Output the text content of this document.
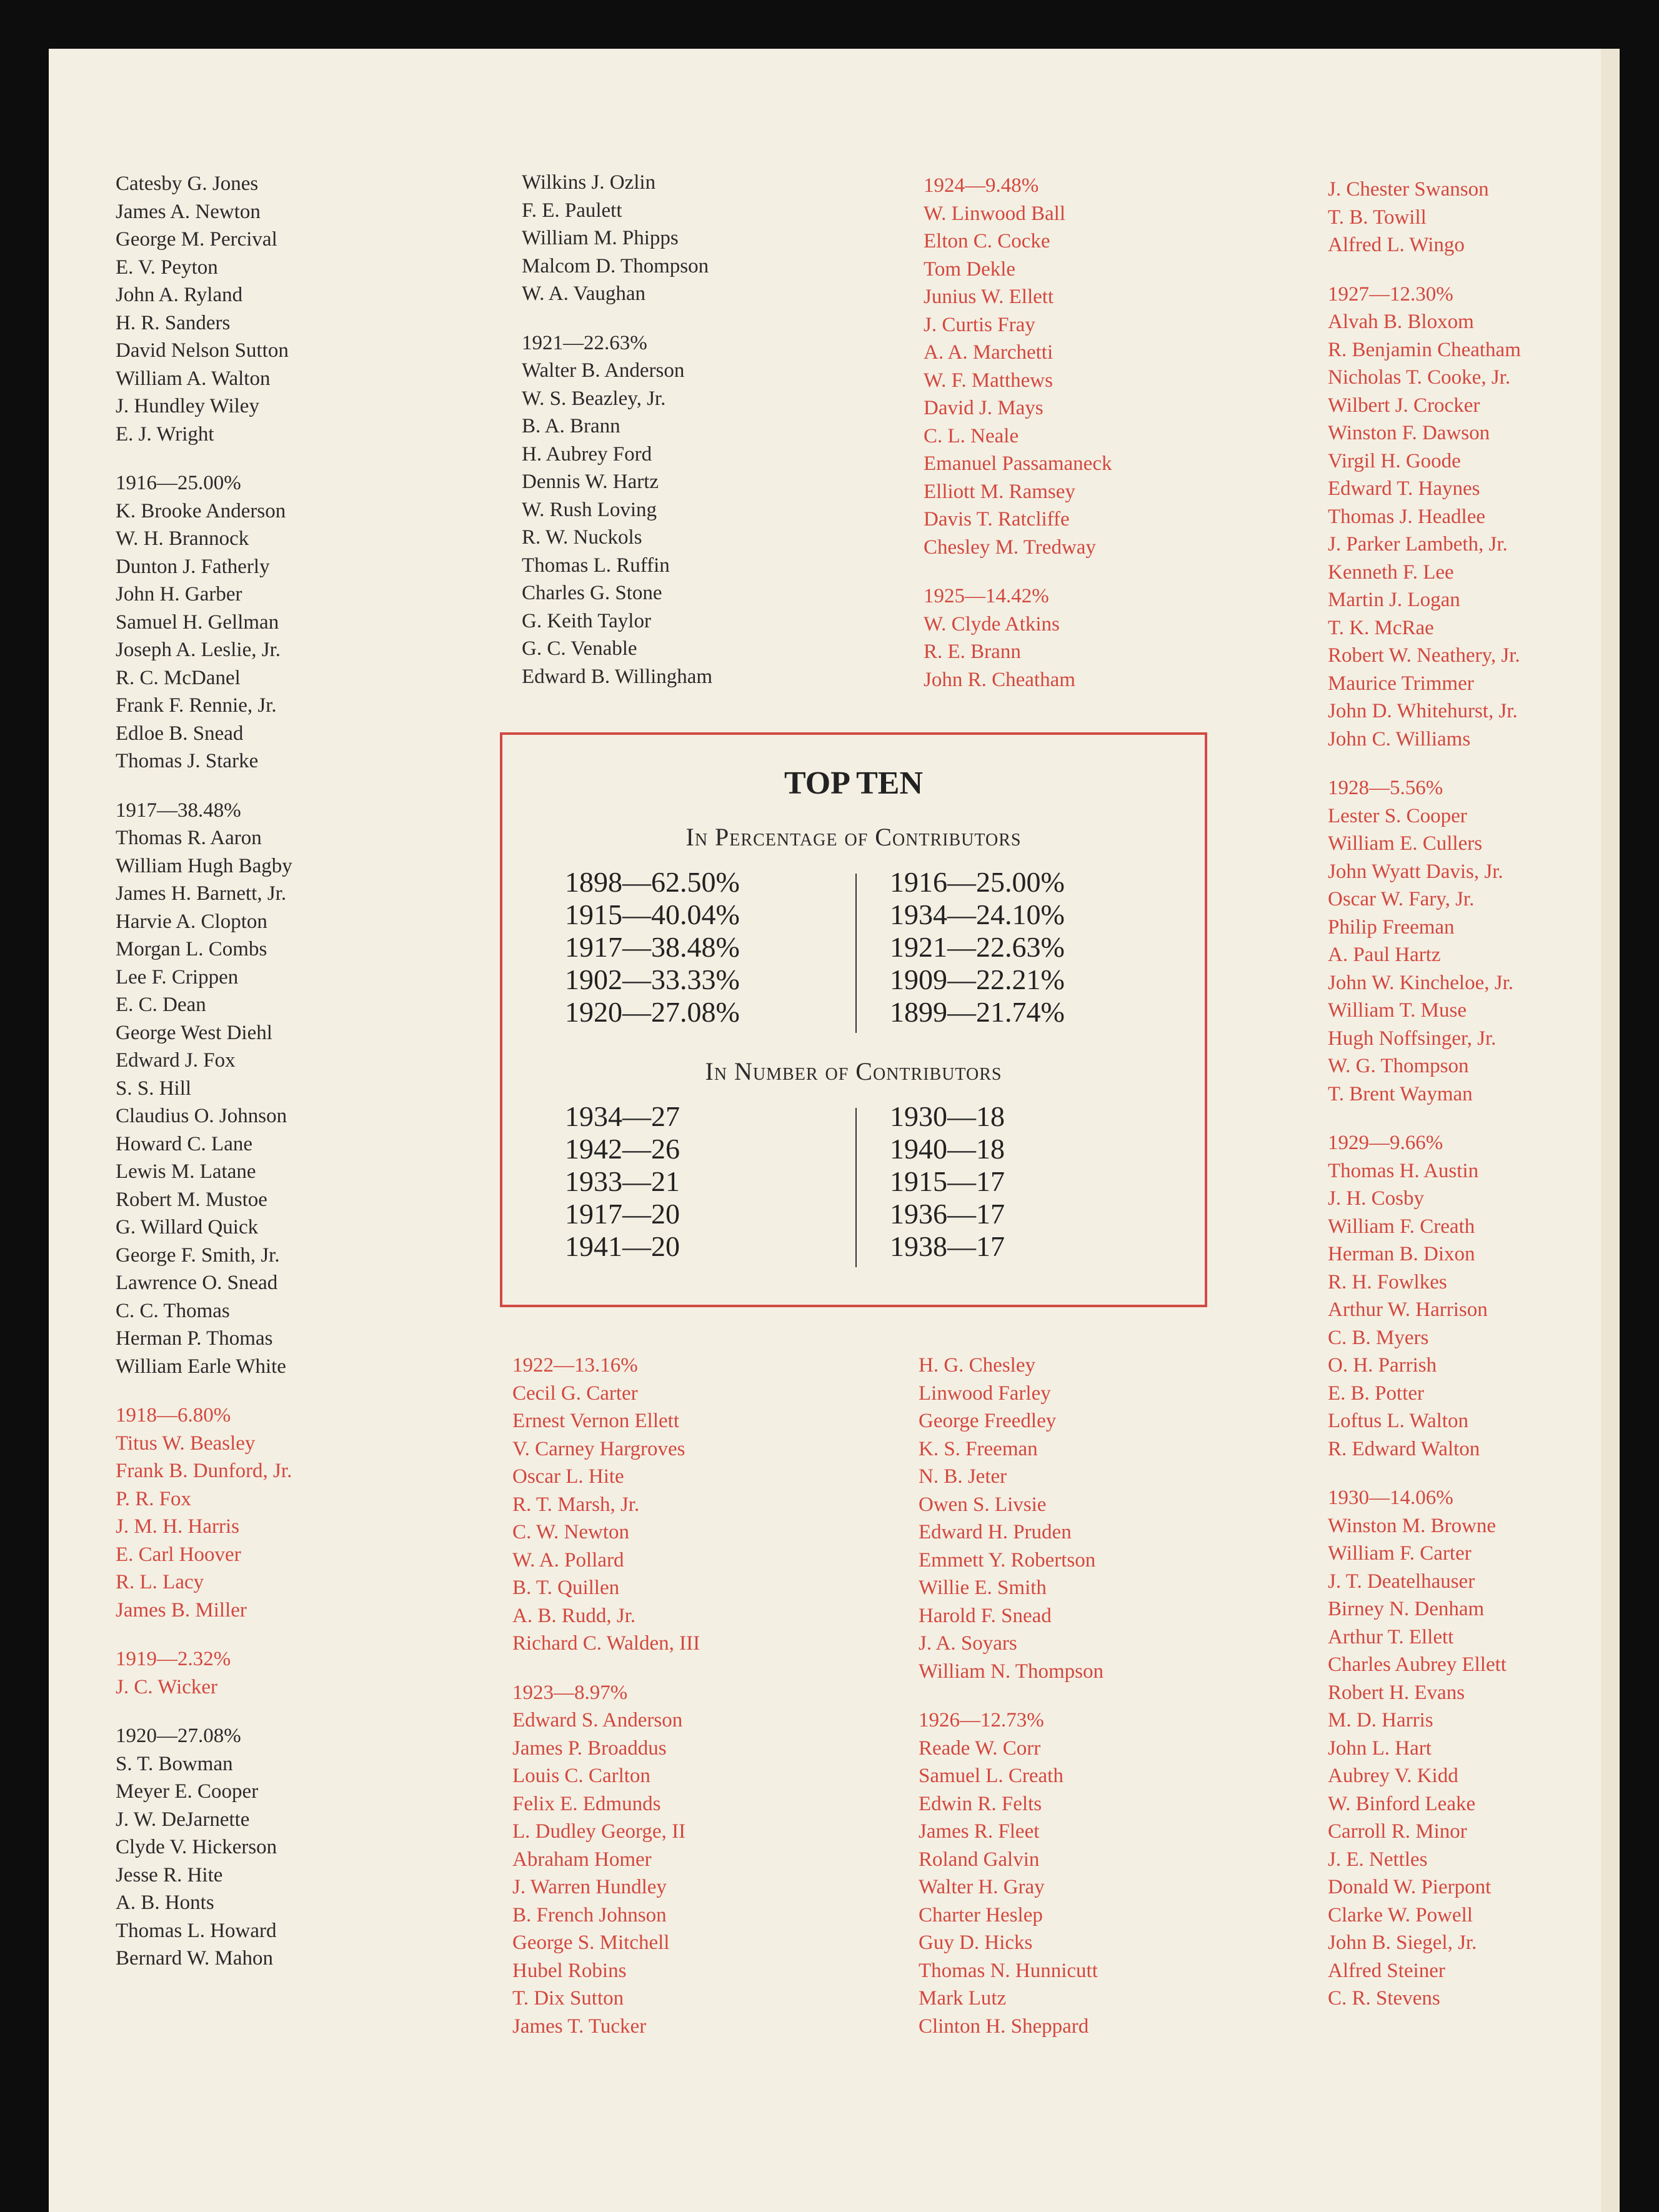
Catesby G. Jones
James A. Newton
George M. Percival
E. V. Peyton
John A. Ryland
H. R. Sanders
David Nelson Sutton
William A. Walton
J. Hundley Wiley
E. J. Wright
1916—25.00%
K. Brooke Anderson
W. H. Brannock
Dunton J. Fatherly
John H. Garber
Samuel H. Gellman
Joseph A. Leslie, Jr.
R. C. McDanel
Frank F. Rennie, Jr.
Edloe B. Snead
Thomas J. Starke
1917—38.48%
Thomas R. Aaron
William Hugh Bagby
James H. Barnett, Jr.
Harvie A. Clopton
Morgan L. Combs
Lee F. Crippen
E. C. Dean
George West Diehl
Edward J. Fox
S. S. Hill
Claudius O. Johnson
Howard C. Lane
Lewis M. Latane
Robert M. Mustoe
G. Willard Quick
George F. Smith, Jr.
Lawrence O. Snead
C. C. Thomas
Herman P. Thomas
William Earle White
1918—6.80%
Titus W. Beasley
Frank B. Dunford, Jr.
P. R. Fox
J. M. H. Harris
E. Carl Hoover
R. L. Lacy
James B. Miller
1919—2.32%
J. C. Wicker
1920—27.08%
S. T. Bowman
Meyer E. Cooper
J. W. DeJarnette
Clyde V. Hickerson
Jesse R. Hite
A. B. Honts
Thomas L. Howard
Bernard W. Mahon
Wilkins J. Ozlin
F. E. Paulett
William M. Phipps
Malcom D. Thompson
W. A. Vaughan
1921—22.63%
Walter B. Anderson
W. S. Beazley, Jr.
B. A. Brann
H. Aubrey Ford
Dennis W. Hartz
W. Rush Loving
R. W. Nuckols
Thomas L. Ruffin
Charles G. Stone
G. Keith Taylor
G. C. Venable
Edward B. Willingham
1924—9.48%
W. Linwood Ball
Elton C. Cocke
Tom Dekle
Junius W. Ellett
J. Curtis Fray
A. A. Marchetti
W. F. Matthews
David J. Mays
C. L. Neale
Emanuel Passamaneck
Elliott M. Ramsey
Davis T. Ratcliffe
Chesley M. Tredway
1925—14.42%
W. Clyde Atkins
R. E. Brann
John R. Cheatham
J. Chester Swanson
T. B. Towill
Alfred L. Wingo
1927—12.30%
Alvah B. Bloxom
R. Benjamin Cheatham
Nicholas T. Cooke, Jr.
Wilbert J. Crocker
Winston F. Dawson
Virgil H. Goode
Edward T. Haynes
Thomas J. Headlee
J. Parker Lambeth, Jr.
Kenneth F. Lee
Martin J. Logan
T. K. McRae
Robert W. Neathery, Jr.
Maurice Trimmer
John D. Whitehurst, Jr.
John C. Williams
1928—5.56%
Lester S. Cooper
William E. Cullers
John Wyatt Davis, Jr.
Oscar W. Fary, Jr.
Philip Freeman
A. Paul Hartz
John W. Kincheloe, Jr.
William T. Muse
Hugh Noffsinger, Jr.
W. G. Thompson
T. Brent Wayman
1929—9.66%
Thomas H. Austin
J. H. Cosby
William F. Creath
Herman B. Dixon
R. H. Fowlkes
Arthur W. Harrison
C. B. Myers
O. H. Parrish
E. B. Potter
Loftus L. Walton
R. Edward Walton
1930—14.06%
Winston M. Browne
William F. Carter
J. T. Deatelhauser
Birney N. Denham
Arthur T. Ellett
Charles Aubrey Ellett
Robert H. Evans
M. D. Harris
John L. Hart
Aubrey V. Kidd
W. Binford Leake
Carroll R. Minor
J. E. Nettles
Donald W. Pierpont
Clarke W. Powell
John B. Siegel, Jr.
Alfred Steiner
C. R. Stevens
1922—13.16%
Cecil G. Carter
Ernest Vernon Ellett
V. Carney Hargroves
Oscar L. Hite
R. T. Marsh, Jr.
C. W. Newton
W. A. Pollard
B. T. Quillen
A. B. Rudd, Jr.
Richard C. Walden, III
1923—8.97%
Edward S. Anderson
James P. Broaddus
Louis C. Carlton
Felix E. Edmunds
L. Dudley George, II
Abraham Homer
J. Warren Hundley
B. French Johnson
George S. Mitchell
Hubel Robins
T. Dix Sutton
James T. Tucker
H. G. Chesley
Linwood Farley
George Freedley
K. S. Freeman
N. B. Jeter
Owen S. Livsie
Edward H. Pruden
Emmett Y. Robertson
Willie E. Smith
Harold F. Snead
J. A. Soyars
William N. Thompson
1926—12.73%
Reade W. Corr
Samuel L. Creath
Edwin R. Felts
James R. Fleet
Roland Galvin
Walter H. Gray
Charter Heslep
Guy D. Hicks
Thomas N. Hunnicutt
Mark Lutz
Clinton H. Sheppard
TOP TEN
In Percentage of Contributors
1898—62.50%
1915—40.04%
1917—38.48%
1902—33.33%
1920—27.08%
1916—25.00%
1934—24.10%
1921—22.63%
1909—22.21%
1899—21.74%
In Number of Contributors
1934—27
1942—26
1933—21
1917—20
1941—20
1930—18
1940—18
1915—17
1936—17
1938—17
